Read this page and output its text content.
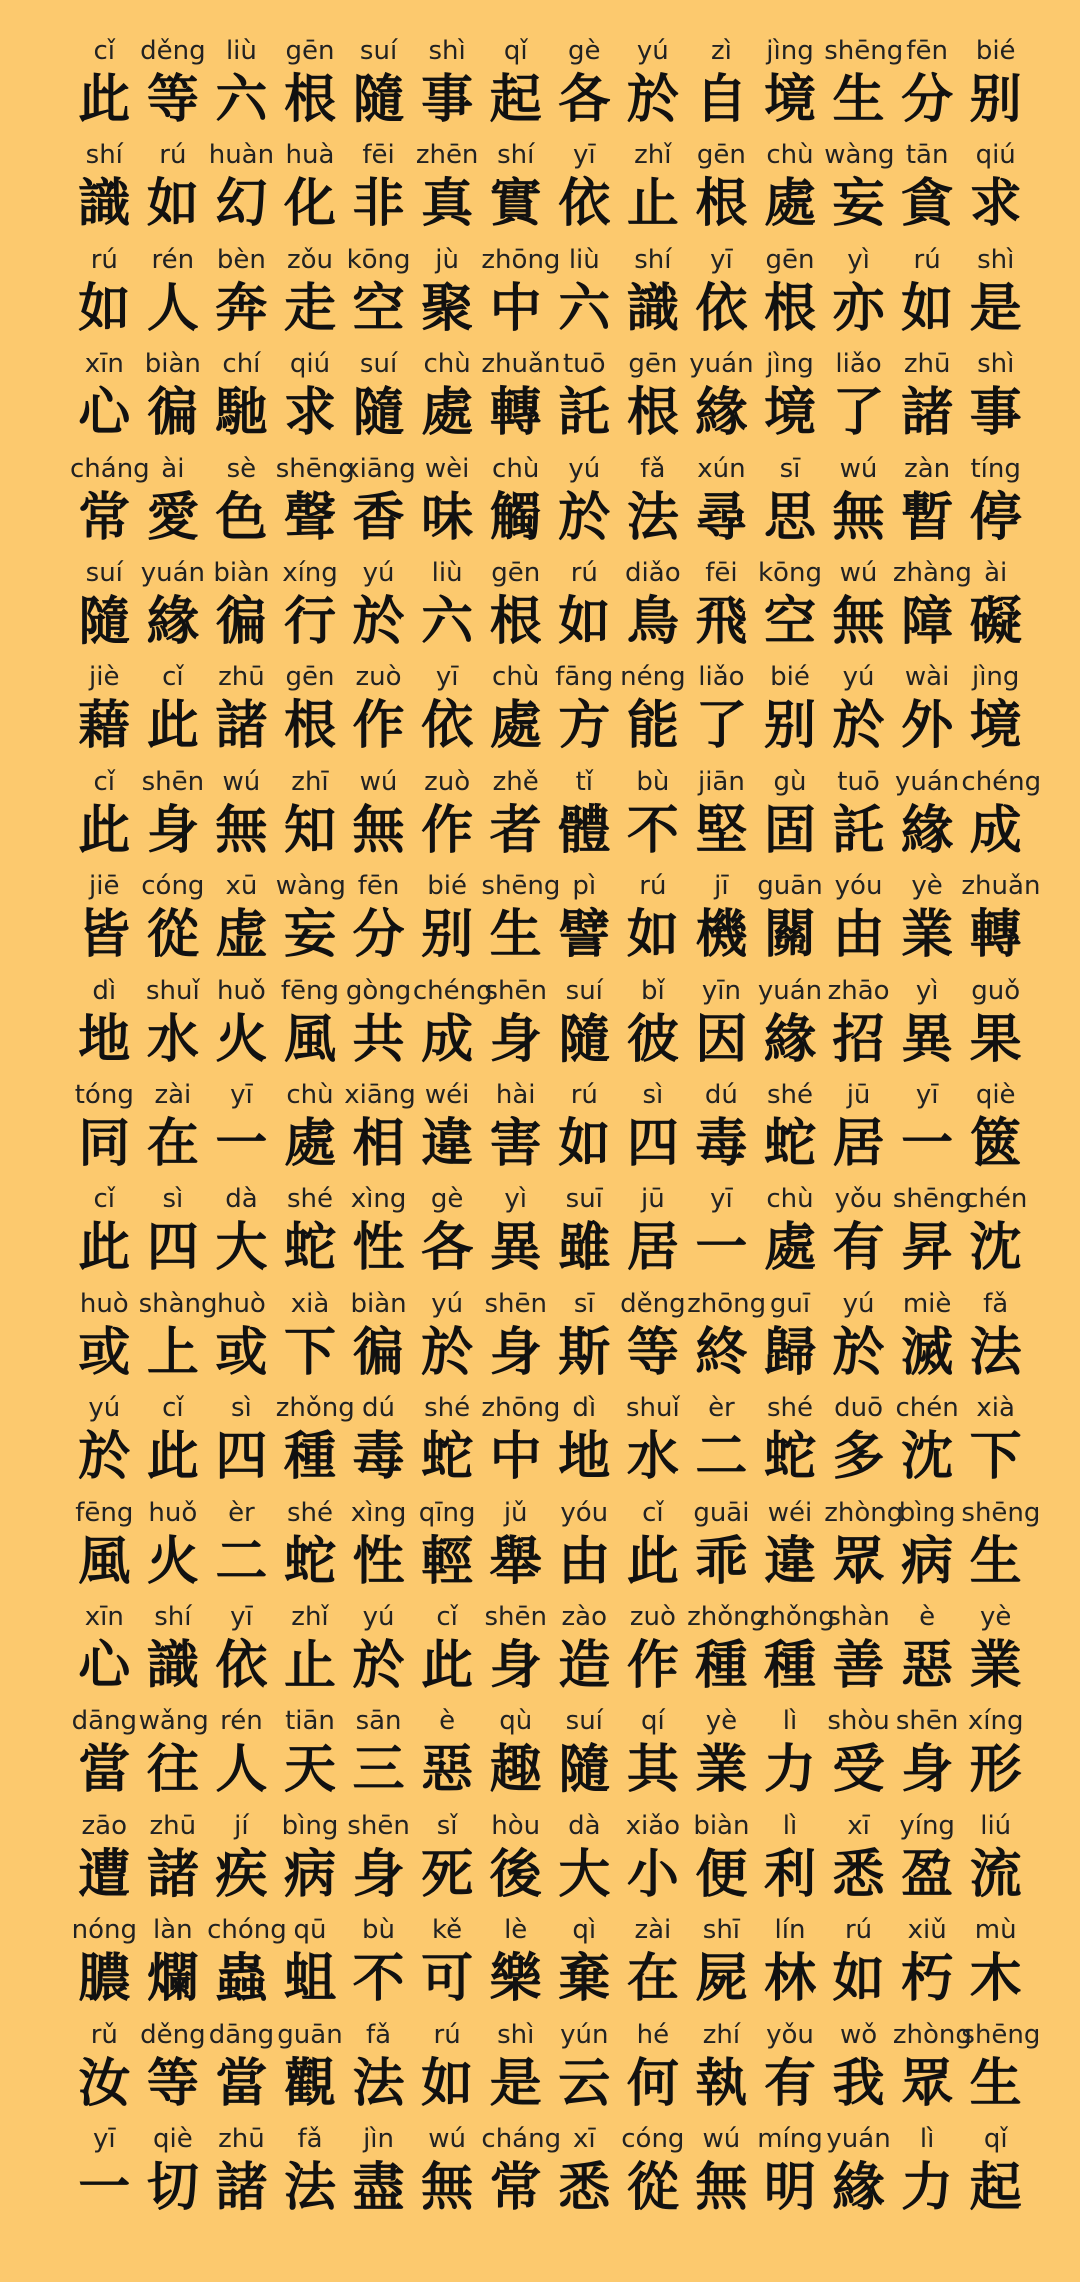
cǐ
此
děng
等
liù
六
gēn
根
suí
隨
shì
事
qǐ
起
gè
各
yú
於
zì
自
jìng
境
shēng
生
fēn
分
bié
别
shí
識
rú
如
huàn
幻
huà
化
fēi
非
zhēn
真
shí
實
yī
依
zhǐ
止
gēn
根
chù
處
wàng
妄
tān
貪
qiú
求
rú
如
rén
人
bèn
奔
zǒu
走
kōng
空
jù
聚
zhōng
中
liù
六
shí
識
yī
依
gēn
根
yì
亦
rú
如
shì
是
xīn
心
biàn
徧
chí
馳
qiú
求
suí
隨
chù
處
zhuǎn
轉
tuō
託
gēn
根
yuán
緣
jìng
境
liǎo
了
zhū
諸
shì
事
cháng
常
ài
愛
sè
色
shēng
聲
xiāng
香
wèi
味
chù
觸
yú
於
fǎ
法
xún
尋
sī
思
wú
無
zàn
暫
tíng
停
suí
隨
yuán
緣
biàn
徧
xíng
行
yú
於
liù
六
gēn
根
rú
如
diǎo
鳥
fēi
飛
kōng
空
wú
無
zhàng
障
ài
礙
jiè
藉
cǐ
此
zhū
諸
gēn
根
zuò
作
yī
依
chù
處
fāng
方
néng
能
liǎo
了
bié
别
yú
於
wài
外
jìng
境
cǐ
此
shēn
身
wú
無
zhī
知
wú
無
zuò
作
zhě
者
tǐ
體
bù
不
jiān
堅
gù
固
tuō
託
yuán
緣
chéng
成
jiē
皆
cóng
從
xū
虚
wàng
妄
fēn
分
bié
别
shēng
生
pì
譬
rú
如
jī
機
guān
關
yóu
由
yè
業
zhuǎn
轉
dì
地
shuǐ
水
huǒ
火
fēng
風
gòng
共
chéng
成
shēn
身
suí
隨
bǐ
彼
yīn
因
yuán
緣
zhāo
招
yì
異
guǒ
果
tóng
同
zài
在
yī
一
chù
處
xiāng
相
wéi
違
hài
害
rú
如
sì
四
dú
毒
shé
蛇
jū
居
yī
一
qiè
篋
cǐ
此
sì
四
dà
大
shé
蛇
xìng
性
gè
各
yì
異
suī
雖
jū
居
yī
一
chù
處
yǒu
有
shēng
昇
chén
沈
huò
或
shàng
上
huò
或
xià
下
biàn
徧
yú
於
shēn
身
sī
斯
děng
等
zhōng
終
guī
歸
yú
於
miè
滅
fǎ
法
yú
於
cǐ
此
sì
四
zhǒng
種
dú
毒
shé
蛇
zhōng
中
dì
地
shuǐ
水
èr
二
shé
蛇
duō
多
chén
沈
xià
下
fēng
風
huǒ
火
èr
二
shé
蛇
xìng
性
qīng
輕
jǔ
舉
yóu
由
cǐ
此
guāi
乖
wéi
違
zhòng
眾
bìng
病
shēng
生
xīn
心
shí
識
yī
依
zhǐ
止
yú
於
cǐ
此
shēn
身
zào
造
zuò
作
zhǒng
種
zhǒng
種
shàn
善
è
惡
yè
業
dāng
當
wǎng
往
rén
人
tiān
天
sān
三
è
惡
qù
趣
suí
隨
qí
其
yè
業
lì
力
shòu
受
shēn
身
xíng
形
zāo
遭
zhū
諸
jí
疾
bìng
病
shēn
身
sǐ
死
hòu
後
dà
大
xiǎo
小
biàn
便
lì
利
xī
悉
yíng
盈
liú
流
nóng
膿
làn
爛
chóng
蟲
qū
蛆
bù
不
kě
可
lè
樂
qì
棄
zài
在
shī
屍
lín
林
rú
如
xiǔ
朽
mù
木
rǔ
汝
děng
等
dāng
當
guān
觀
fǎ
法
rú
如
shì
是
yún
云
hé
何
zhí
執
yǒu
有
wǒ
我
zhòng
眾
shēng
生
yī
一
qiè
切
zhū
諸
fǎ
法
jìn
盡
wú
無
cháng
常
xī
悉
cóng
從
wú
無
míng
明
yuán
緣
lì
力
qǐ
起
